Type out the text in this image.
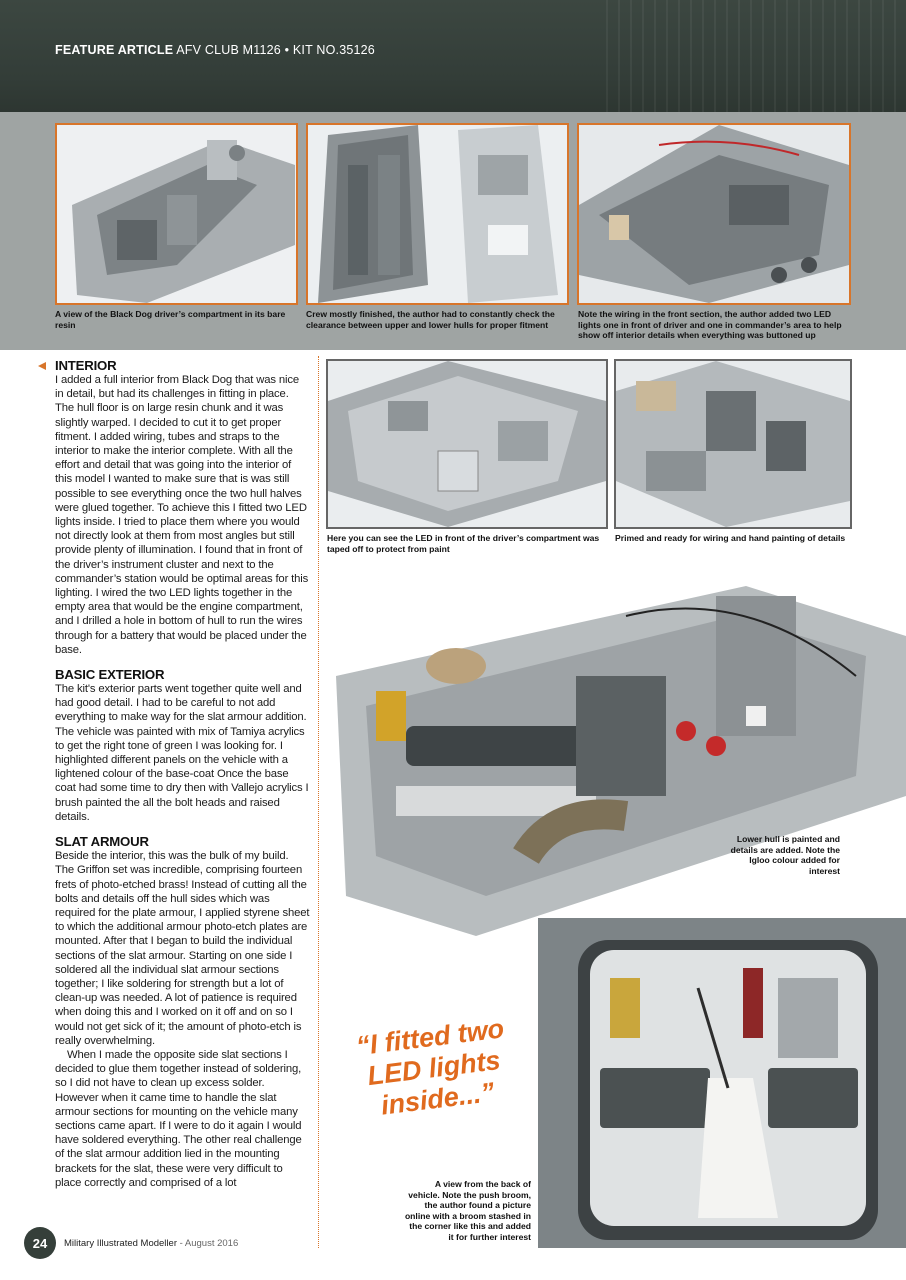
FEATURE ARTICLE AFV CLUB M1126 • KIT NO.35126
A view of the Black Dog driver’s compartment in its bare resin
Crew mostly finished, the author had to constantly check the clearance between upper and lower hulls for proper fitment
Note the wiring in the front section, the author added two LED lights one in front of driver and one in commander’s area to help show off interior details when everything was buttoned up
INTERIOR

I added a full interior from Black Dog that was nice in detail, but had its challenges in fitting in place. The hull floor is on large resin chunk and it was slightly warped. I decided to cut it to get proper fitment. I added wiring, tubes and straps to the interior to make the interior complete. With all the effort and detail that was going into the interior of this model I wanted to make sure that is was still possible to see everything once the two hull halves were glued together. To achieve this I fitted two LED lights inside. I tried to place them where you would not directly look at them from most angles but still provide plenty of illumination. I found that in front of the driver’s instrument cluster and next to the commander’s station would be optimal areas for this lighting. I wired the two LED lights together in the empty area that would be the engine compartment, and I drilled a hole in bottom of hull to run the wires through for a battery that would be placed under the base.

BASIC EXTERIOR

The kit's exterior parts went together quite well and had good detail. I had to be careful to not add everything to make way for the slat armour addition. The vehicle was painted with mix of Tamiya acrylics to get the right tone of green I was looking for. I highlighted different panels on the vehicle with a lightened colour of the base-coat Once the base coat had some time to dry then with Vallejo acrylics I brush painted the all the bolt heads and raised details.

SLAT ARMOUR

Beside the interior, this was the bulk of my build. The Griffon set was incredible, comprising fourteen frets of photo-etched brass! Instead of cutting all the bolts and details off the hull sides which was required for the plate armour, I applied styrene sheet to which the additional armour photo-etch plates are mounted. After that I began to build the individual sections of the slat armour. Starting on one side I soldered all the individual slat armour sections together; I like soldering for strength but a lot of clean-up was needed. A lot of patience is required when doing this and I worked on it off and on so I would not get sick of it; the amount of photo-etch is really overwhelming.

When I made the opposite side slat sections I decided to glue them together instead of soldering, so I did not have to clean up excess solder. However when it came time to handle the slat armour sections for mounting on the vehicle many sections came apart. If I were to do it again I would have soldered everything. The other real challenge of the slat armour addition lied in the mounting brackets for the slat, these were very difficult to place correctly and comprised of a lot

Here you can see the LED in front of the driver’s compartment was taped off to protect from paint
Primed and ready for wiring and hand painting of details
Lower hull is painted and details are added. Note the Igloo colour added for interest
“I fitted two LED lights inside...”
A view from the back of vehicle. Note the push broom, the author found a picture online with a broom stashed in the corner like this and added it for further interest
24	Military Illustrated Modeller - August 2016
